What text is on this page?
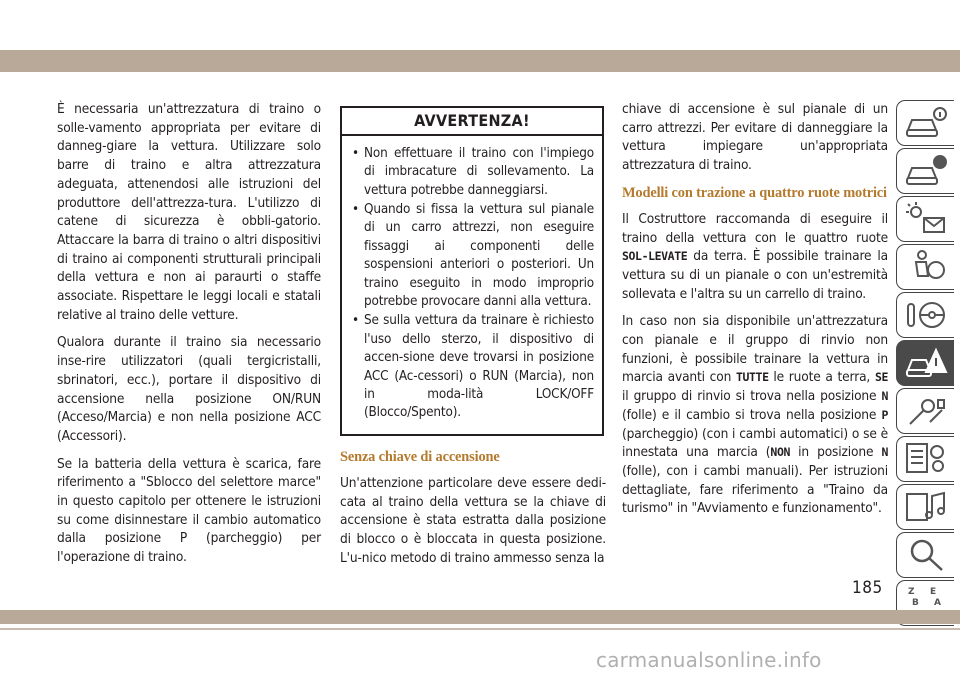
È necessaria un'attrezzatura di traino o solle-vamento appropriata per evitare di danneg-giare la vettura. Utilizzare solo barre di traino e altra attrezzatura adeguata, attenendosi alle istruzioni del produttore dell'attrezza-tura. L'utilizzo di catene di sicurezza è obbli-gatorio. Attaccare la barra di traino o altri dispositivi di traino ai componenti strutturali principali della vettura e non ai paraurti o staffe associate. Rispettare le leggi locali e statali relative al traino delle vetture.

Qualora durante il traino sia necessario inse-rire utilizzatori (quali tergicristalli, sbrinatori, ecc.), portare il dispositivo di accensione nella posizione ON/RUN (Acceso/Marcia) e non nella posizione ACC (Accessori).

Se la batteria della vettura è scarica, fare riferimento a "Sblocco del selettore marce" in questo capitolo per ottenere le istruzioni su come disinnestare il cambio automatico dalla posizione P (parcheggio) per l'operazione di traino.

AVVERTENZA!
• Non effettuare il traino con l'impiego di imbracature di sollevamento. La vettura potrebbe danneggiarsi.
• Quando si fissa la vettura sul pianale di un carro attrezzi, non eseguire fissaggi ai componenti delle sospensioni anteriori o posteriori. Un traino eseguito in modo improprio potrebbe provocare danni alla vettura.
• Se sulla vettura da trainare è richiesto l'uso dello sterzo, il dispositivo di accen-sione deve trovarsi in posizione ACC (Ac-cessori) o RUN (Marcia), non in moda-lità LOCK/OFF (Blocco/Spento).
Senza chiave di accensione

Un'attenzione particolare deve essere dedi-cata al traino della vettura se la chiave di accensione è stata estratta dalla posizione di blocco o è bloccata in questa posizione. L'u-nico metodo di traino ammesso senza la

chiave di accensione è sul pianale di un carro attrezzi. Per evitare di danneggiare la vettura impiegare un'appropriata attrezzatura di traino.

Modelli con trazione a quattro ruote motrici

Il Costruttore raccomanda di eseguire il traino della vettura con le quattro ruote SOL-LEVATE da terra. È possibile trainare la vettura su di un pianale o con un'estremità sollevata e l'altra su un carrello di traino.

In caso non sia disponibile un'attrezzatura con pianale e il gruppo di rinvio non funzioni, è possibile trainare la vettura in marcia avanti con TUTTE le ruote a terra, SE il gruppo di rinvio si trova nella posizione N (folle) e il cambio si trova nella posizione P (parcheggio) (con i cambi automatici) o se è innestata una marcia (NON in posizione N (folle), con i cambi manuali). Per istruzioni dettagliate, fare riferimento a "Traino da turismo" in "Avviamento e funzionamento".

Z E
B A
185
carmanualsonline.info
